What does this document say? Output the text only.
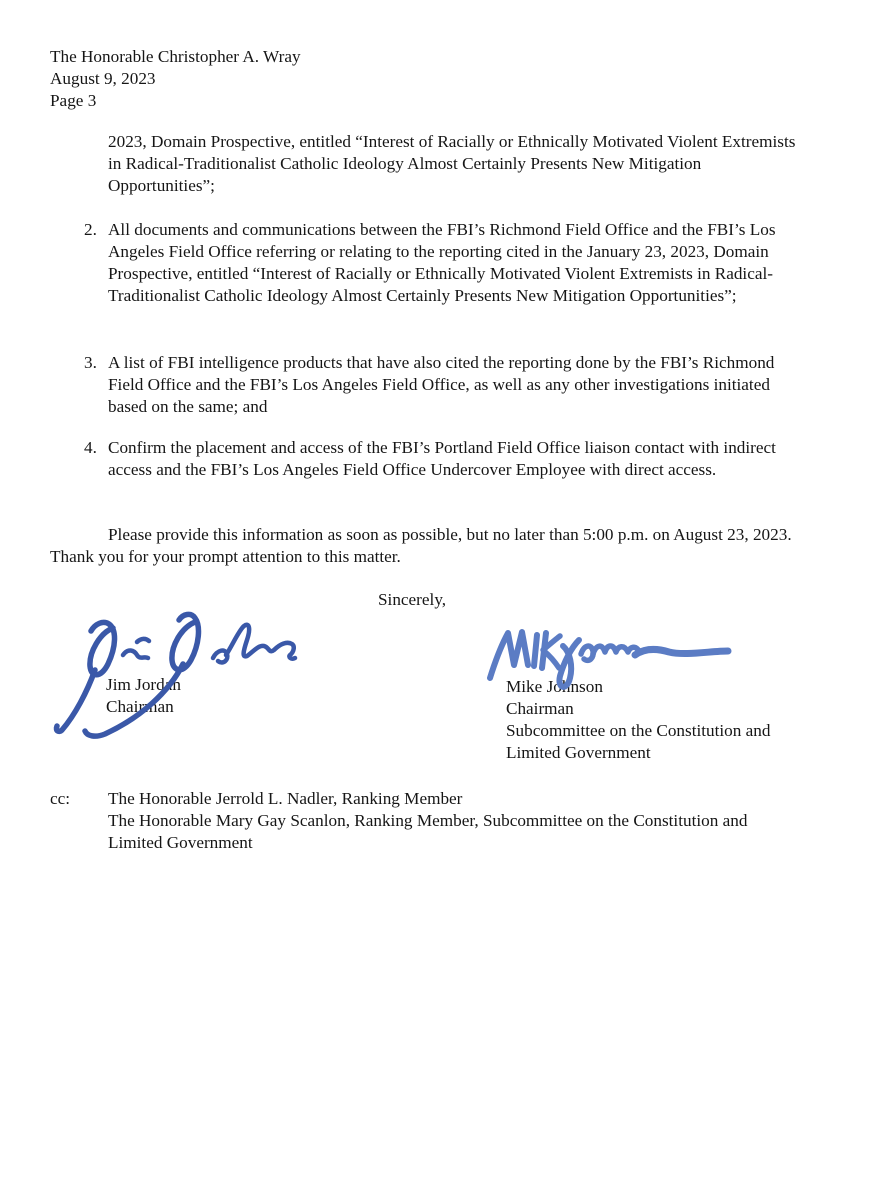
The Honorable Christopher A. Wray
August 9, 2023
Page 3
2023, Domain Prospective, entitled “Interest of Racially or Ethnically Motivated Violent Extremists in Radical-Traditionalist Catholic Ideology Almost Certainly Presents New Mitigation Opportunities”;
2. All documents and communications between the FBI’s Richmond Field Office and the FBI’s Los Angeles Field Office referring or relating to the reporting cited in the January 23, 2023, Domain Prospective, entitled “Interest of Racially or Ethnically Motivated Violent Extremists in Radical-Traditionalist Catholic Ideology Almost Certainly Presents New Mitigation Opportunities”;
3. A list of FBI intelligence products that have also cited the reporting done by the FBI’s Richmond Field Office and the FBI’s Los Angeles Field Office, as well as any other investigations initiated based on the same; and
4. Confirm the placement and access of the FBI’s Portland Field Office liaison contact with indirect access and the FBI’s Los Angeles Field Office Undercover Employee with direct access.
Please provide this information as soon as possible, but no later than 5:00 p.m. on August 23, 2023. Thank you for your prompt attention to this matter.
Sincerely,
Jim Jordan
Chairman
Mike Johnson
Chairman
Subcommittee on the Constitution and Limited Government
cc: The Honorable Jerrold L. Nadler, Ranking Member
The Honorable Mary Gay Scanlon, Ranking Member, Subcommittee on the Constitution and Limited Government
